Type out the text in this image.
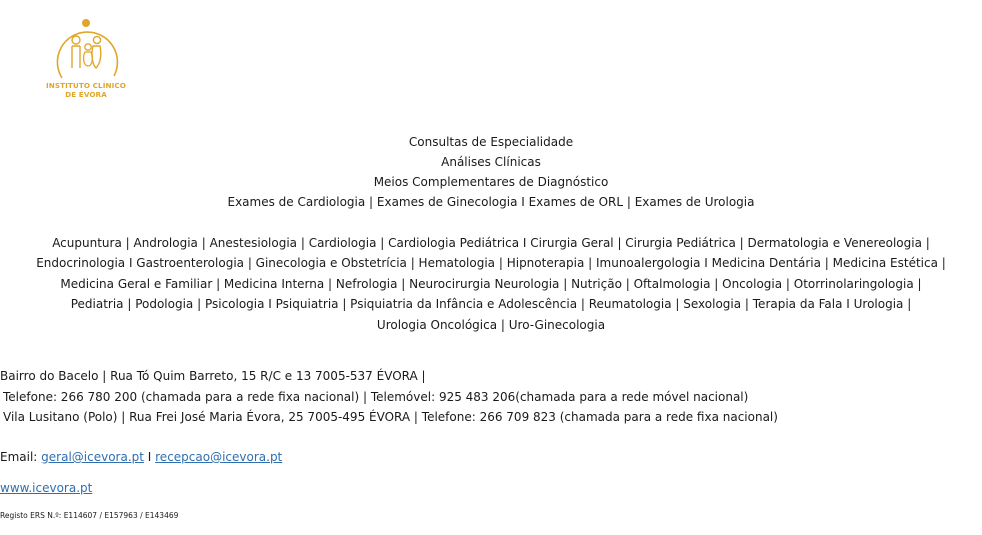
INSTITUTO CLÍNICO
DE ÉVORA
Consultas de Especialidade
Análises Clínicas
Meios Complementares de Diagnóstico
Exames de Cardiologia | Exames de Ginecologia I Exames de ORL | Exames de Urologia
Acupuntura | Andrologia | Anestesiologia | Cardiologia | Cardiologia Pediátrica I Cirurgia Geral | Cirurgia Pediátrica | Dermatologia e Venereologia |
Endocrinologia I Gastroenterologia | Ginecologia e Obstetrícia | Hematologia | Hipnoterapia | Imunoalergologia I Medicina Dentária | Medicina Estética |
Medicina Geral e Familiar | Medicina Interna | Nefrologia | Neurocirurgia Neurologia | Nutrição | Oftalmologia | Oncologia | Otorrinolaringologia |
Pediatria | Podologia | Psicologia I Psiquiatria | Psiquiatria da Infância e Adolescência | Reumatologia | Sexologia | Terapia da Fala I Urologia |
Urologia Oncológica | Uro-Ginecologia
Bairro do Bacelo | Rua Tó Quim Barreto, 15 R/C e 13 7005-537 ÉVORA |
Telefone: 266 780 200 (chamada para a rede fixa nacional) | Telemóvel: 925 483 206(chamada para a rede móvel nacional)
Vila Lusitano (Polo) | Rua Frei José Maria Évora, 25 7005-495 ÉVORA | Telefone: 266 709 823 (chamada para a rede fixa nacional)
Email: geral@icevora.pt I recepcao@icevora.pt
www.icevora.pt
Registo ERS N.º: E114607 / E157963 / E143469
